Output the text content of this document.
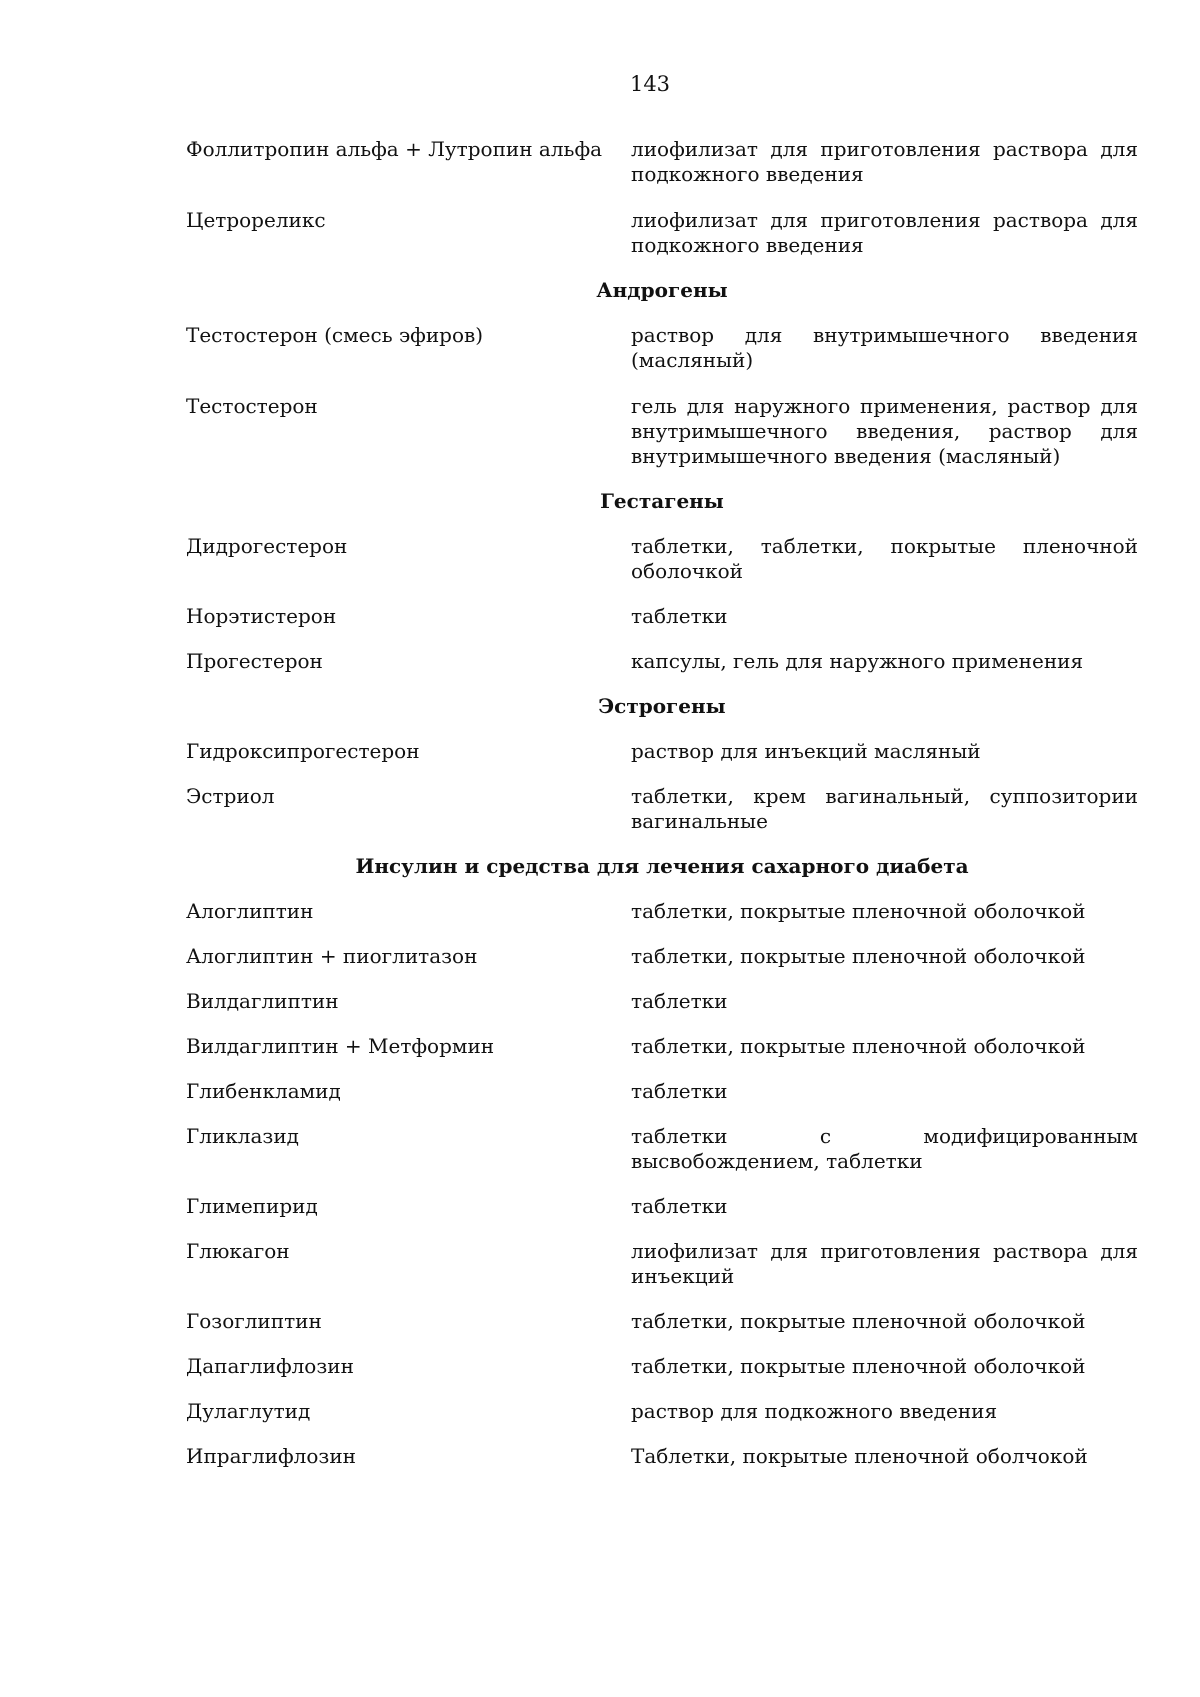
143
Фоллитропин альфа + Лутропин альфа	лиофилизат для приготовления раствора для подкожного введения
Цетрореликс	лиофилизат для приготовления раствора для подкожного введения
Андрогены
Тестостерон (смесь эфиров)	раствор для внутримышечного введения (масляный)
Тестостерон	гель для наружного применения, раствор для внутримышечного введения, раствор для внутримышечного введения (масляный)
Гестагены
Дидрогестерон	таблетки, таблетки, покрытые пленочной оболочкой
Норэтистерон	таблетки
Прогестерон	капсулы, гель для наружного применения
Эстрогены
Гидроксипрогестерон	раствор для инъекций масляный
Эстриол	таблетки, крем вагинальный, суппозитории вагинальные
Инсулин и средства для лечения сахарного диабета
Алоглиптин	таблетки, покрытые пленочной оболочкой
Алоглиптин + пиоглитазон	таблетки, покрытые пленочной оболочкой
Вилдаглиптин	таблетки
Вилдаглиптин + Метформин	таблетки, покрытые пленочной оболочкой
Глибенкламид	таблетки
Гликлазид	таблетки с модифицированным высвобождением, таблетки
Глимепирид	таблетки
Глюкагон	лиофилизат для приготовления раствора для инъекций
Гозоглиптин	таблетки, покрытые пленочной оболочкой
Дапаглифлозин	таблетки, покрытые пленочной оболочкой
Дулаглутид	раствор для подкожного введения
Ипраглифлозин	Таблетки, покрытые пленочной оболчокой
